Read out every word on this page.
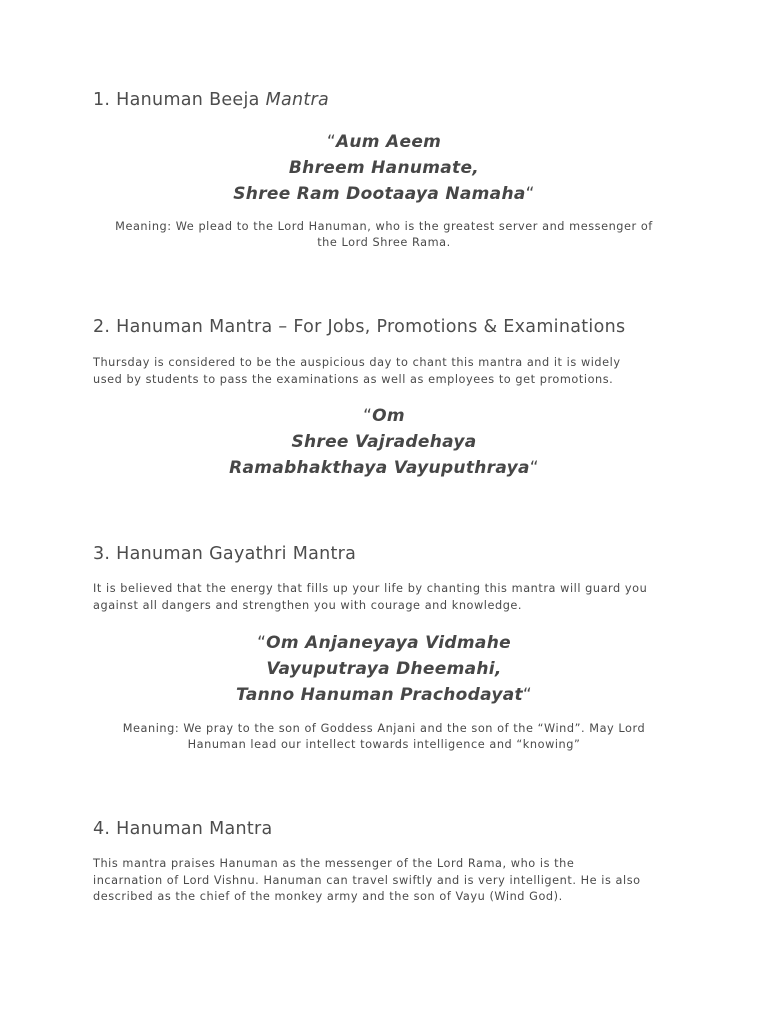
1. Hanuman Beeja Mantra
“Aum Aeem
Bhreem Hanumate,
Shree Ram Dootaaya Namaha“
Meaning: We plead to the Lord Hanuman, who is the greatest server and messenger of
the Lord Shree Rama.
2. Hanuman Mantra – For Jobs, Promotions & Examinations
Thursday is considered to be the auspicious day to chant this mantra and it is widely
used by students to pass the examinations as well as employees to get promotions.
“Om
Shree Vajradehaya
Ramabhakthaya Vayuputhraya“
3. Hanuman Gayathri Mantra
It is believed that the energy that fills up your life by chanting this mantra will guard you
against all dangers and strengthen you with courage and knowledge.
“Om Anjaneyaya Vidmahe
Vayuputraya Dheemahi,
Tanno Hanuman Prachodayat“
Meaning: We pray to the son of Goddess Anjani and the son of the “Wind”. May Lord
Hanuman lead our intellect towards intelligence and “knowing”
4. Hanuman Mantra
This mantra praises Hanuman as the messenger of the Lord Rama, who is the
incarnation of Lord Vishnu. Hanuman can travel swiftly and is very intelligent. He is also
described as the chief of the monkey army and the son of Vayu (Wind God).
